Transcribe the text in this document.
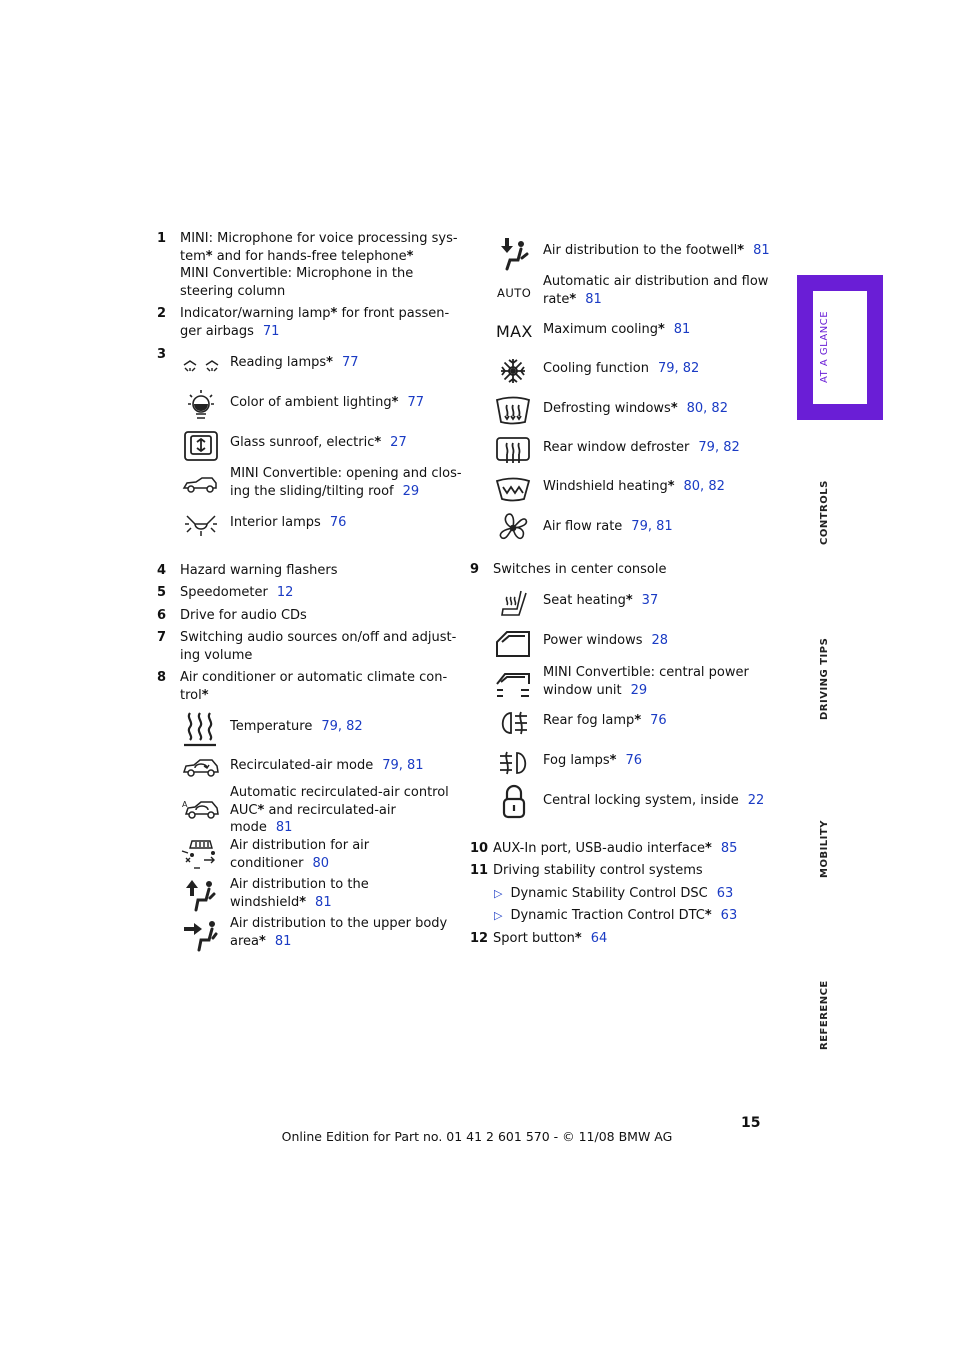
1 MINI: Microphone for voice processing sys-
tem* and for hands-free telephone*
MINI Convertible: Microphone in the
steering column
2 Indicator/warning lamp* for front passen-
ger airbags 71
3
Reading lamps* 77
Color of ambient lighting* 77
Glass sunroof, electric* 27
MINI Convertible: opening and clos-
ing the sliding/tilting roof 29
Interior lamps 76
4 Hazard warning flashers
5 Speedometer 12
6 Drive for audio CDs
7 Switching audio sources on/off and adjust-
ing volume
8 Air conditioner or automatic climate con-
trol*
Temperature 79, 82
Recirculated-air mode 79, 81
A
Automatic recirculated-air control
AUC* and recirculated-air
mode 81
Air distribution for air
conditioner 80
Air distribution to the
windshield* 81
Air distribution to the upper body
area* 81
Air distribution to the footwell* 81
AUTO
Automatic air distribution and flow
rate* 81
MAX Maximum cooling* 81
Cooling function 79, 82
Defrosting windows* 80, 82
Rear window defroster 79, 82
Windshield heating* 80, 82
Air flow rate 79, 81
9 Switches in center console
Seat heating* 37
Power windows 28
MINI Convertible: central power
window unit 29
Rear fog lamp* 76
Fog lamps* 76
Central locking system, inside 22
10 AUX-In port, USB-audio interface* 85
11 Driving stability control systems
▷ Dynamic Stability Control DSC 63
▷ Dynamic Traction Control DTC* 63
12 Sport button* 64
AT A GLANCE
CONTROLS
DRIVING TIPS
MOBILITY
REFERENCE
15
Online Edition for Part no. 01 41 2 601 570 - © 11/08 BMW AG
